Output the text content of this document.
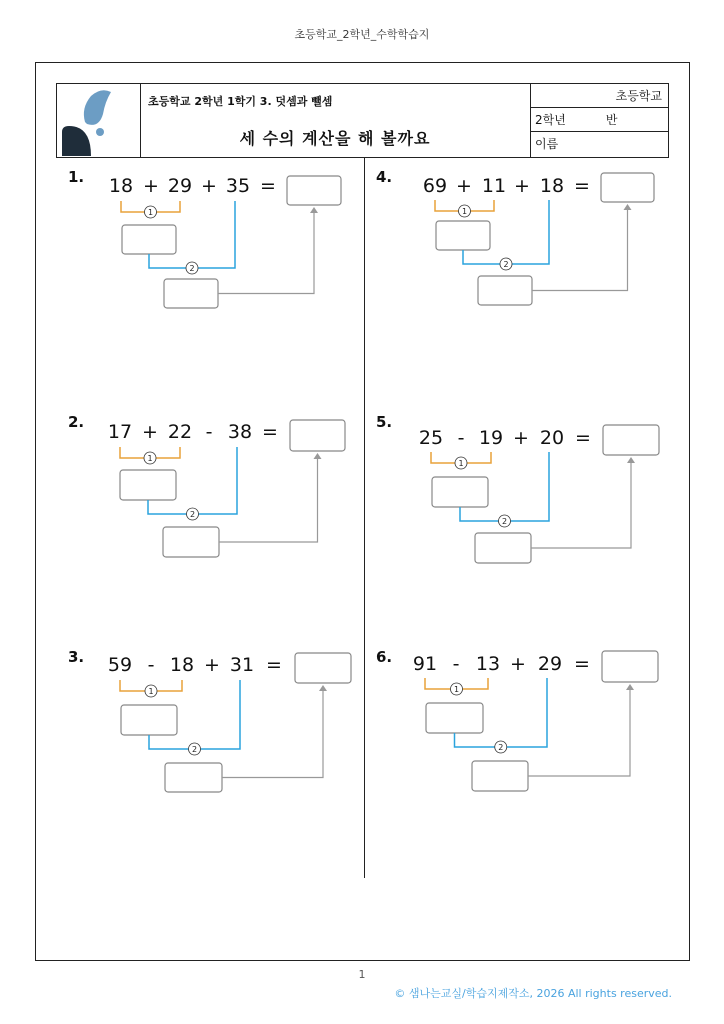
초등학교_2학년_수학학습지
초등학교 2학년 1학기 3. 덧셈과 뺄셈
세 수의 계산을 해 볼까요
초등학교
2학년	반
이름
1. 18 + 29 + 35 =
2. 17 + 22 - 38 =
3. 59 - 18 + 31 =
4. 69 + 11 + 18 =
5.
25 - 19 + 20 =
6. 91 - 13 + 29 =
1
2
1
2
1
2
1
2
1
2
1
2
1
© 샘나는교실/학습지제작소, 2026 All rights reserved.
